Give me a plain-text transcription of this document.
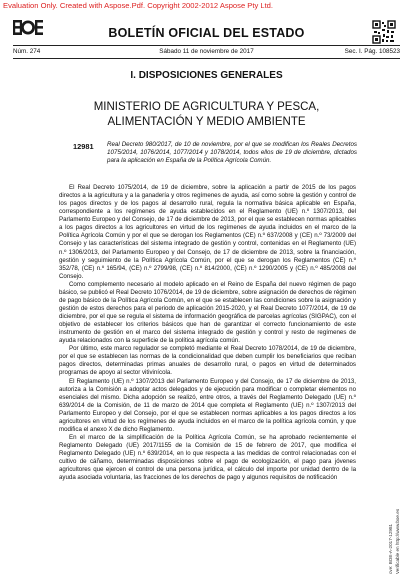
Evaluation Only. Created with Aspose.Pdf. Copyright 2002-2012 Aspose Pty Ltd.
BOLETÍN OFICIAL DEL ESTADO
Núm. 274	Sábado 11 de noviembre de 2017	Sec. I. Pág. 108523
I. DISPOSICIONES GENERALES
MINISTERIO DE AGRICULTURA Y PESCA,
ALIMENTACIÓN Y MEDIO AMBIENTE
12981 Real Decreto 980/2017, de 10 de noviembre, por el que se modifican los Reales Decretos 1075/2014, 1076/2014, 1077/2014 y 1078/2014, todos ellos de 19 de diciembre, dictados para la aplicación en España de la Política Agrícola Común.

El Real Decreto 1075/2014, de 19 de diciembre, sobre la aplicación a partir de 2015 de los pagos directos a la agricultura y a la ganadería y otros regímenes de ayuda, así como sobre la gestión y control de los pagos directos y de los pagos al desarrollo rural, regula la normativa básica aplicable en España, correspondiente a los regímenes de ayuda establecidos en el Reglamento (UE) n.º 1307/2013, del Parlamento Europeo y del Consejo, de 17 de diciembre de 2013, por el que se establecen normas aplicables a los pagos directos a los agricultores en virtud de los regímenes de ayuda incluidos en el marco de la Política Agrícola Común y por el que se derogan los Reglamentos (CE) n.º 637/2008 y (CE) n.º 73/2009 del Consejo y las características del sistema integrado de gestión y control, contenidas en el Reglamento (UE) n.º 1306/2013, del Parlamento Europeo y del Consejo, de 17 de diciembre de 2013, sobre la financiación, gestión y seguimiento de la Política Agrícola Común, por el que se derogan los Reglamentos (CE) n.º 352/78, (CE) n.º 165/94, (CE) n.º 2799/98, (CE) n.º 814/2000, (CE) n.º 1290/2005 y (CE) n.º 485/2008 del Consejo.

Como complemento necesario al modelo aplicado en el Reino de España del nuevo régimen de pago básico, se publicó el Real Decreto 1076/2014, de 19 de diciembre, sobre asignación de derechos de régimen de pago básico de la Política Agrícola Común, en el que se establecen las condiciones sobre la asignación y gestión de estos derechos para el periodo de aplicación 2015-2020, y el Real Decreto 1077/2014, de 19 de diciembre, por el que se regula el sistema de información geográfica de parcelas agrícolas (SIGPAC), con el objetivo de establecer los criterios básicos que han de garantizar el correcto funcionamiento de este instrumento de gestión en el marco del sistema integrado de gestión y control y resto de regímenes de ayuda relacionados con la superficie de la política agrícola común.

Por último, este marco regulador se completó mediante el Real Decreto 1078/2014, de 19 de diciembre, por el que se establecen las normas de la condicionalidad que deben cumplir los beneficiarios que reciban pagos directos, determinadas primas anuales de desarrollo rural, o pagos en virtud de determinados programas de apoyo al sector vitivinícola.

El Reglamento (UE) n.º 1307/2013 del Parlamento Europeo y del Consejo, de 17 de diciembre de 2013, autoriza a la Comisión a adoptar actos delegados y de ejecución para modificar o completar elementos no esenciales del mismo. Dicha adopción se realizó, entre otros, a través del Reglamento Delegado (UE) n.º 639/2014 de la Comisión, de 11 de marzo de 2014 que completa el Reglamento (UE) n.º 1307/2013 del Parlamento Europeo y del Consejo, por el que se establecen normas aplicables a los pagos directos a los agricultores en virtud de los regímenes de ayuda incluidos en el marco de la política agrícola común, y que modifica el anexo X de dicho Reglamento.

En el marco de la simplificación de la Política Agrícola Común, se ha aprobado recientemente el Reglamento Delegado (UE) 2017/1155 de la Comisión de 15 de febrero de 2017, que modifica el Reglamento Delegado (UE) n.º 639/2014, en lo que respecta a las medidas de control relacionadas con el cultivo de cáñamo, determinadas disposiciones sobre el pago de ecologización, el pago para jóvenes agricultores que ejercen el control de una persona jurídica, el cálculo del importe por unidad dentro de la ayuda asociada voluntaria, las fracciones de los derechos de pago y algunos requisitos de notificación

cve: BOE-A-2017-12981 Verificable en http://www.boe.es
